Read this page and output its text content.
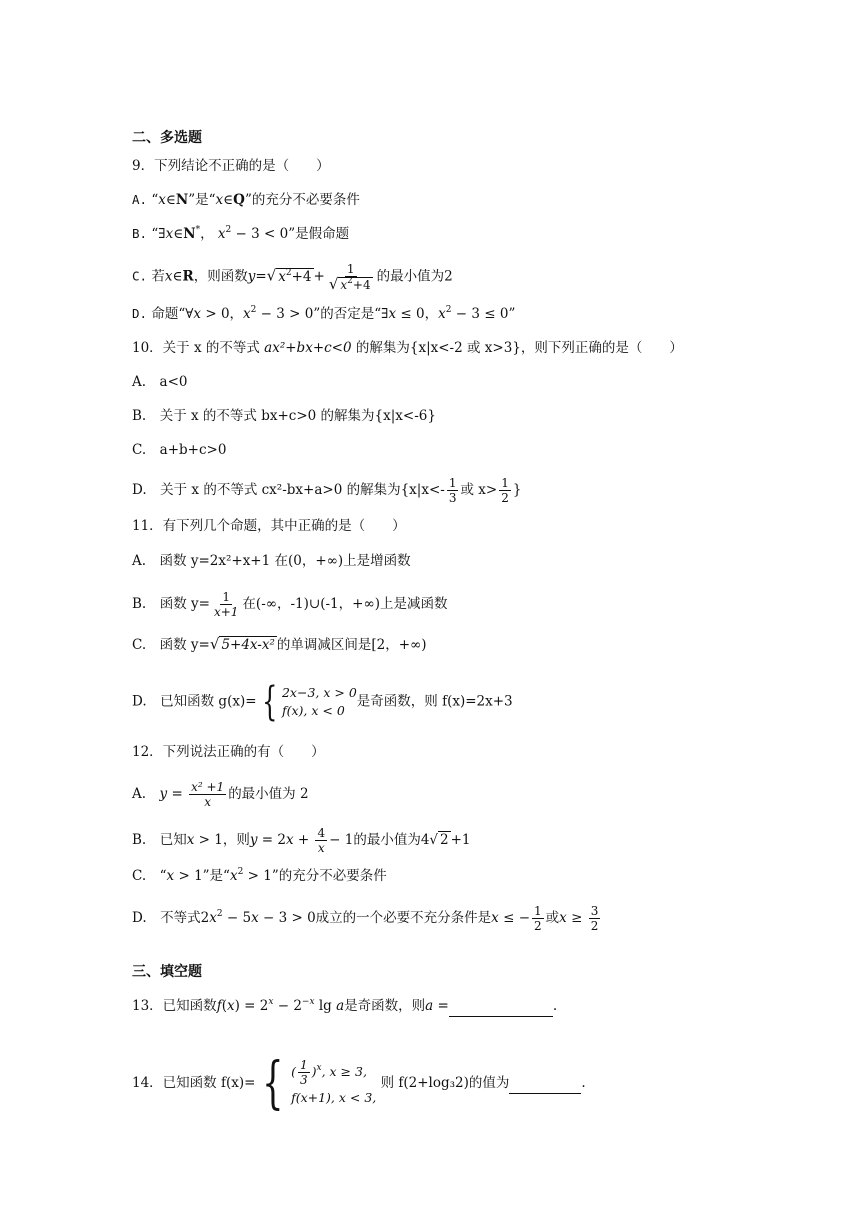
二、多选题
9．下列结论不正确的是（　　）
A. “x∈N”是“x∈Q”的充分不必要条件
B. “∃x∈N*， $x^2 - 3 < 0$”是假命题
C. 若x∈R，则函数y=√ $x^2+4 + \frac{1}{√ x^2+4}$ 的最小值为2
D. 命题“∀x > 0，$x^2 - 3 > 0$”的否定是“∃x ≤ 0，$x^2 - 3 \le 0$”
10．关于 x 的不等式 ax²+bx+c<0 的解集为{x|x<-2 或 x>3}，则下列正确的是（　　）
A.　a<0
B.　关于 x 的不等式 bx+c>0 的解集为{x|x<-6}
C.　a+b+c>0
D.　关于 x 的不等式 cx²-bx+a>0 的解集为{$x|x<- \frac{1}{3}$ 或 $x> \frac{1}{2}$ }
11．有下列几个命题，其中正确的是（　　）
A.　函数 y=2x²+x+1 在(0，+∞)上是增函数
B.　函数 $y= \frac{1}{x+1}$ 在(-∞，-1)∪(-1，+∞)上是减函数
C.　函数 y=√ 5+4x-x² 的单调减区间是[2，+∞)
D.　已知函数 g(x)= { 2x−3, x > 0
f(x), x < 0
是奇函数，则 f(x)=2x+3
12．下列说法正确的有（　　）
A.　$y = \frac{\text{x² +1}}{x}$ 的最小值为 2
B.　已知x > 1，则$y = 2x + \frac{4}{x} - 1$的最小值为4√ 2 +1
C.　“x > 1”是“$x^2 > 1$”的充分不必要条件
D.　不等式$2x^2 - 5x - 3 > 0$成立的一个必要不充分条件是x ≤ − $\frac{1}{2}$ 或$x \ge \frac{3}{2}$
三、填空题
13．已知函数$f(x) = 2^x - 2^{-x}$ lg a是奇函数，则a =	.
14．已知函数 f(x)= { ( $\frac{1}{3} )^x$, x ≥ 3,
f(x+1), x < 3,
则 f(2+log₃2)的值为	.
